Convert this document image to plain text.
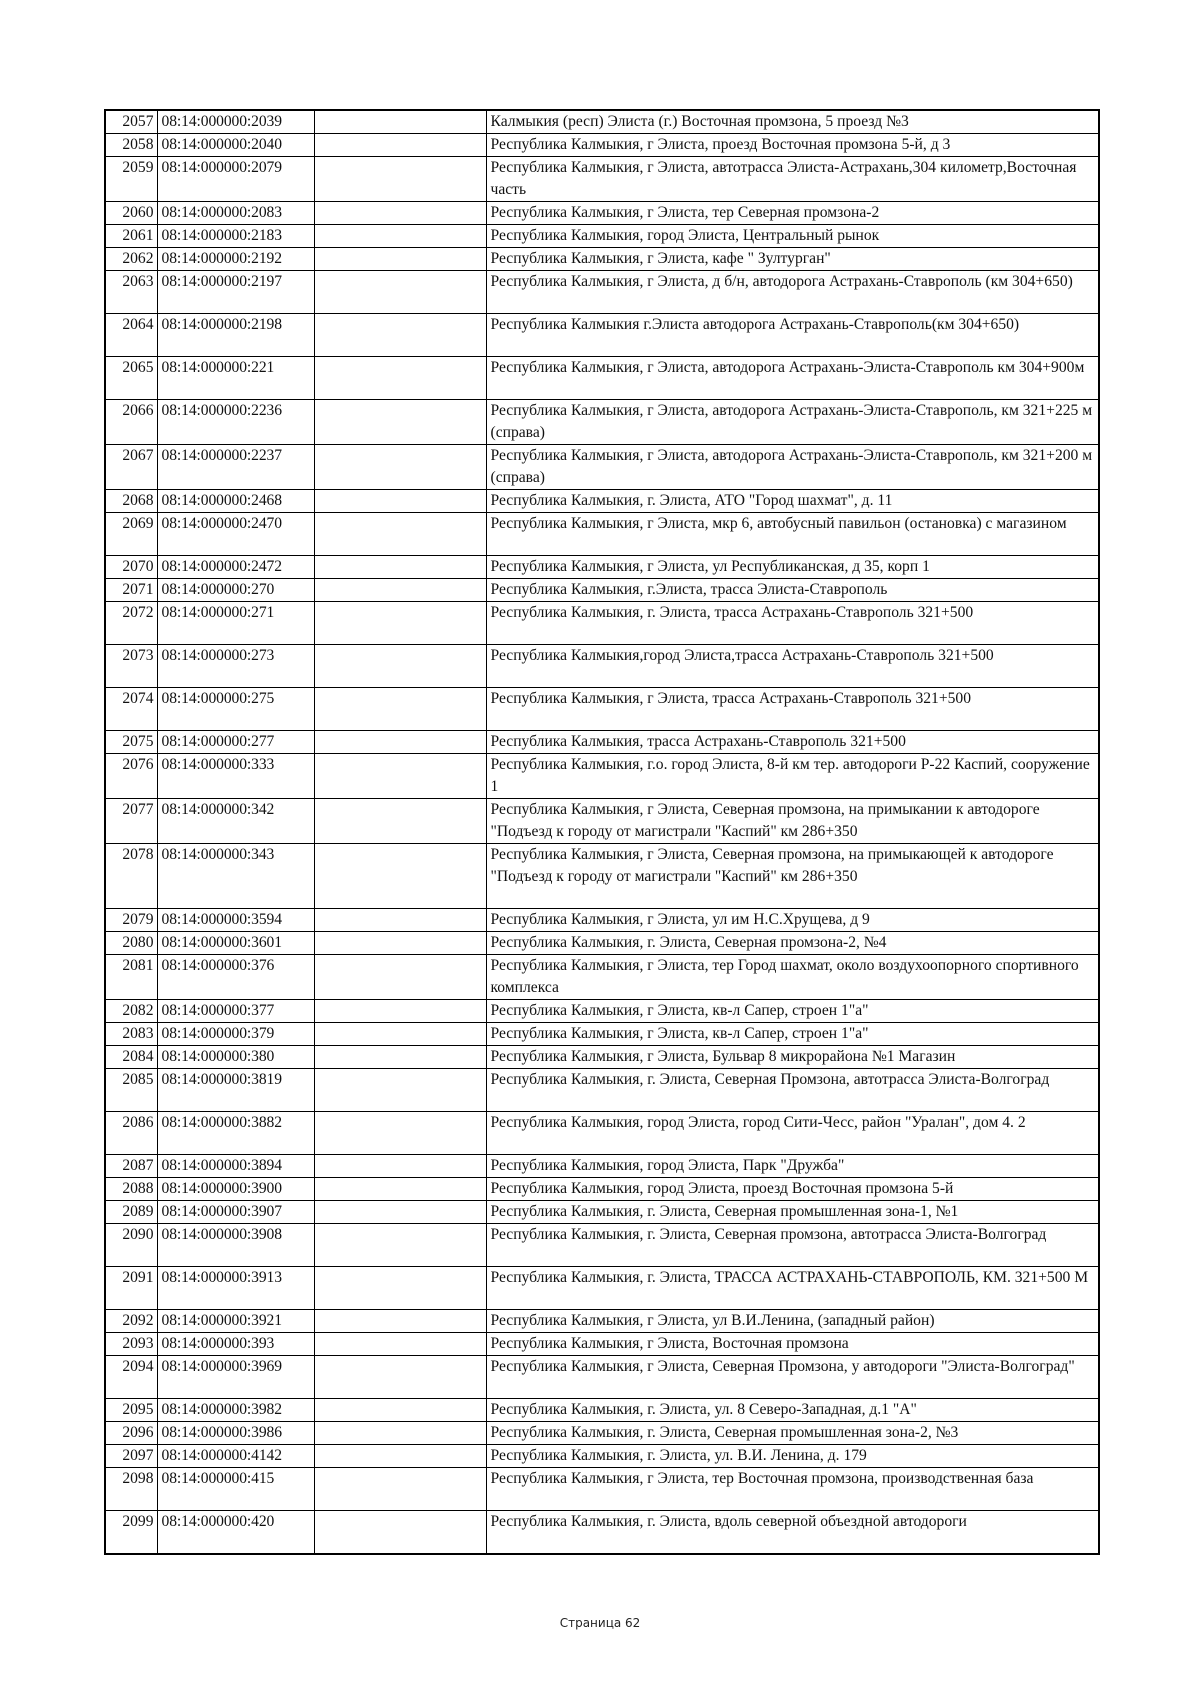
2057	08:14:000000:2039		Калмыкия (респ) Элиста (г.) Восточная промзона, 5 проезд №3
2058	08:14:000000:2040		Республика Калмыкия, г Элиста, проезд Восточная промзона 5-й, д 3
2059	08:14:000000:2079		Республика Калмыкия, г Элиста, автотрасса Элиста-Астрахань,304 километр,Восточная часть
2060	08:14:000000:2083		Республика Калмыкия, г Элиста, тер Северная промзона-2
2061	08:14:000000:2183		Республика Калмыкия, город Элиста, Центральный рынок
2062	08:14:000000:2192		Республика Калмыкия, г Элиста, кафе " Зултурган"
2063	08:14:000000:2197		Республика Калмыкия, г Элиста, д б/н, автодорога Астрахань-Ставрополь (км 304+650)
2064	08:14:000000:2198		Республика Калмыкия г.Элиста автодорога Астрахань-Ставрополь(км 304+650)
2065	08:14:000000:221		Республика Калмыкия, г Элиста, автодорога Астрахань-Элиста-Ставрополь км 304+900м
2066	08:14:000000:2236		Республика Калмыкия, г Элиста, автодорога Астрахань-Элиста-Ставрополь, км 321+225 м (справа)
2067	08:14:000000:2237		Республика Калмыкия, г Элиста, автодорога Астрахань-Элиста-Ставрополь, км 321+200 м (справа)
2068	08:14:000000:2468		Республика Калмыкия, г. Элиста, АТО "Город шахмат", д. 11
2069	08:14:000000:2470		Республика Калмыкия, г Элиста, мкр 6, автобусный павильон (остановка) с магазином
2070	08:14:000000:2472		Республика Калмыкия, г Элиста, ул Республиканская, д 35, корп 1
2071	08:14:000000:270		Республика Калмыкия, г.Элиста, трасса Элиста-Ставрополь
2072	08:14:000000:271		Республика Калмыкия, г. Элиста, трасса Астрахань-Ставрополь 321+500
2073	08:14:000000:273		Республика Калмыкия,город Элиста,трасса Астрахань-Ставрополь 321+500
2074	08:14:000000:275		Республика Калмыкия, г Элиста, трасса Астрахань-Ставрополь 321+500
2075	08:14:000000:277		Республика Калмыкия, трасса Астрахань-Ставрополь 321+500
2076	08:14:000000:333		Республика Калмыкия, г.о. город Элиста, 8-й км тер. автодороги Р-22 Каспий, сооружение 1
2077	08:14:000000:342		Республика Калмыкия, г Элиста, Северная промзона, на примыкании к автодороге "Подъезд к городу от магистрали "Каспий" км 286+350
2078	08:14:000000:343		Республика Калмыкия, г Элиста, Северная промзона, на примыкающей к автодороге "Подъезд к городу от магистрали "Каспий" км 286+350
2079	08:14:000000:3594		Республика Калмыкия, г Элиста, ул им Н.С.Хрущева, д 9
2080	08:14:000000:3601		Республика Калмыкия, г. Элиста, Северная промзона-2, №4
2081	08:14:000000:376		Республика Калмыкия, г Элиста, тер Город шахмат, около воздухоопорного спортивного комплекса
2082	08:14:000000:377		Республика Калмыкия, г Элиста, кв-л Сапер, строен 1"а"
2083	08:14:000000:379		Республика Калмыкия, г Элиста, кв-л Сапер, строен 1"а"
2084	08:14:000000:380		Республика Калмыкия, г Элиста, Бульвар 8 микрорайона №1 Магазин
2085	08:14:000000:3819		Республика Калмыкия, г. Элиста, Северная Промзона, автотрасса Элиста-Волгоград
2086	08:14:000000:3882		Республика Калмыкия, город Элиста, город Сити-Чесс, район "Уралан", дом 4. 2
2087	08:14:000000:3894		Республика Калмыкия, город Элиста, Парк "Дружба"
2088	08:14:000000:3900		Республика Калмыкия, город Элиста, проезд Восточная промзона 5-й
2089	08:14:000000:3907		Республика Калмыкия, г. Элиста, Северная промышленная зона-1, №1
2090	08:14:000000:3908		Республика Калмыкия, г. Элиста, Северная промзона, автотрасса Элиста-Волгоград
2091	08:14:000000:3913		Республика Калмыкия, г. Элиста, ТРАССА АСТРАХАНЬ-СТАВРОПОЛЬ, КМ. 321+500 М
2092	08:14:000000:3921		Республика Калмыкия, г Элиста, ул В.И.Ленина, (западный район)
2093	08:14:000000:393		Республика Калмыкия, г Элиста, Восточная промзона
2094	08:14:000000:3969		Республика Калмыкия, г Элиста, Северная Промзона, у автодороги "Элиста-Волгоград"
2095	08:14:000000:3982		Республика Калмыкия, г. Элиста, ул. 8 Северо-Западная, д.1 "А"
2096	08:14:000000:3986		Республика Калмыкия, г. Элиста, Северная промышленная зона-2, №3
2097	08:14:000000:4142		Республика Калмыкия, г. Элиста, ул. В.И. Ленина, д. 179
2098	08:14:000000:415		Республика Калмыкия, г Элиста, тер Восточная промзона, производственная база
2099	08:14:000000:420		Республика Калмыкия, г. Элиста, вдоль северной объездной автодороги
Страница 62
